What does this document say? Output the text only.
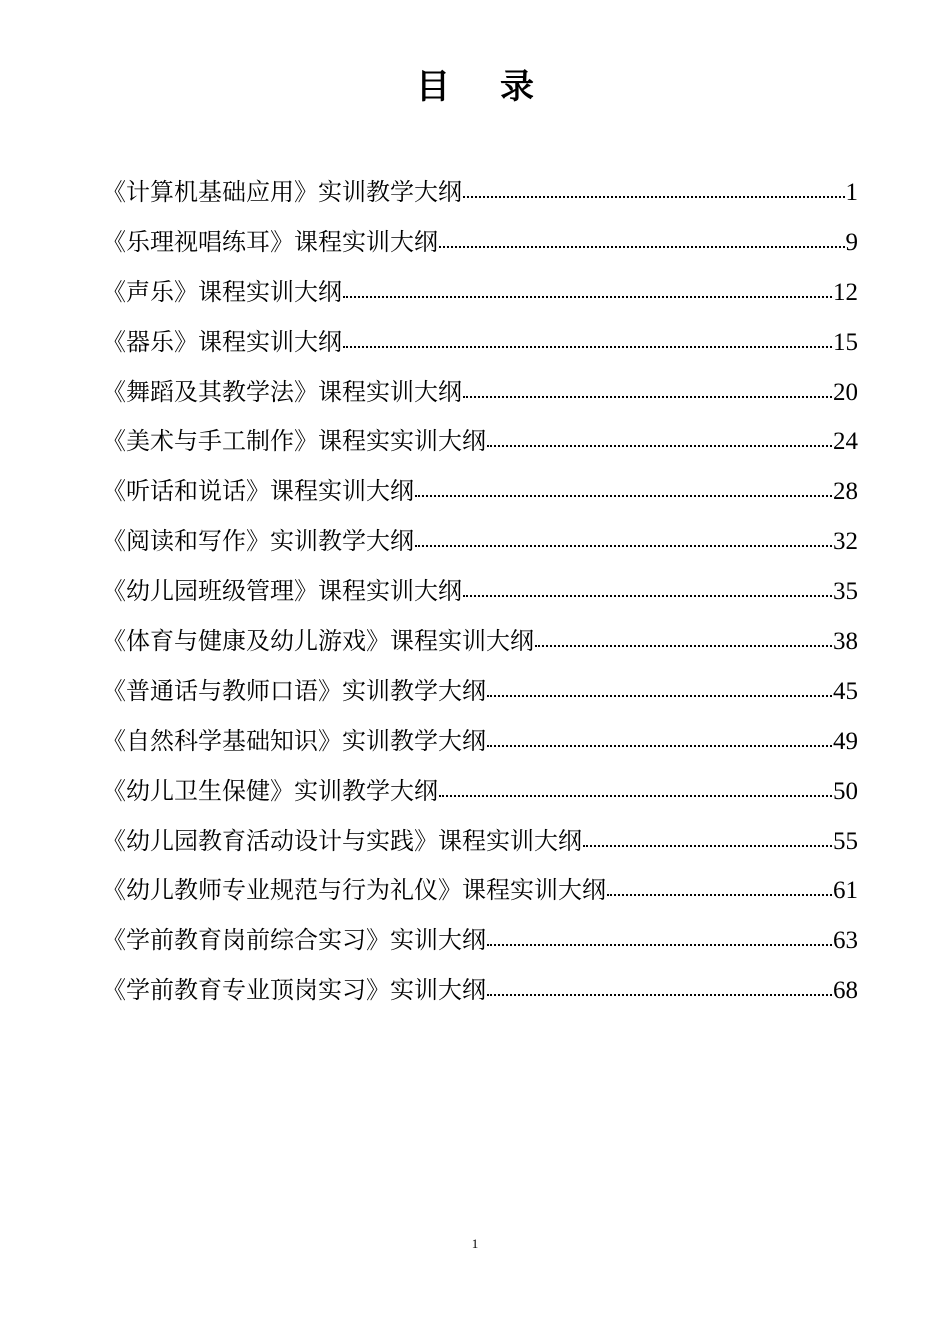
目录
《计算机基础应用》实训教学大纲	1
《乐理视唱练耳》课程实训大纲	9
《声乐》课程实训大纲	12
《器乐》课程实训大纲	15
《舞蹈及其教学法》课程实训大纲	20
《美术与手工制作》课程实实训大纲	24
《听话和说话》课程实训大纲	28
《阅读和写作》实训教学大纲	32
《幼儿园班级管理》课程实训大纲	35
《体育与健康及幼儿游戏》课程实训大纲	38
《普通话与教师口语》实训教学大纲	45
《自然科学基础知识》实训教学大纲	49
《幼儿卫生保健》实训教学大纲	50
《幼儿园教育活动设计与实践》课程实训大纲	55
《幼儿教师专业规范与行为礼仪》课程实训大纲	61
《学前教育岗前综合实习》实训大纲	63
《学前教育专业顶岗实习》实训大纲	68
1
